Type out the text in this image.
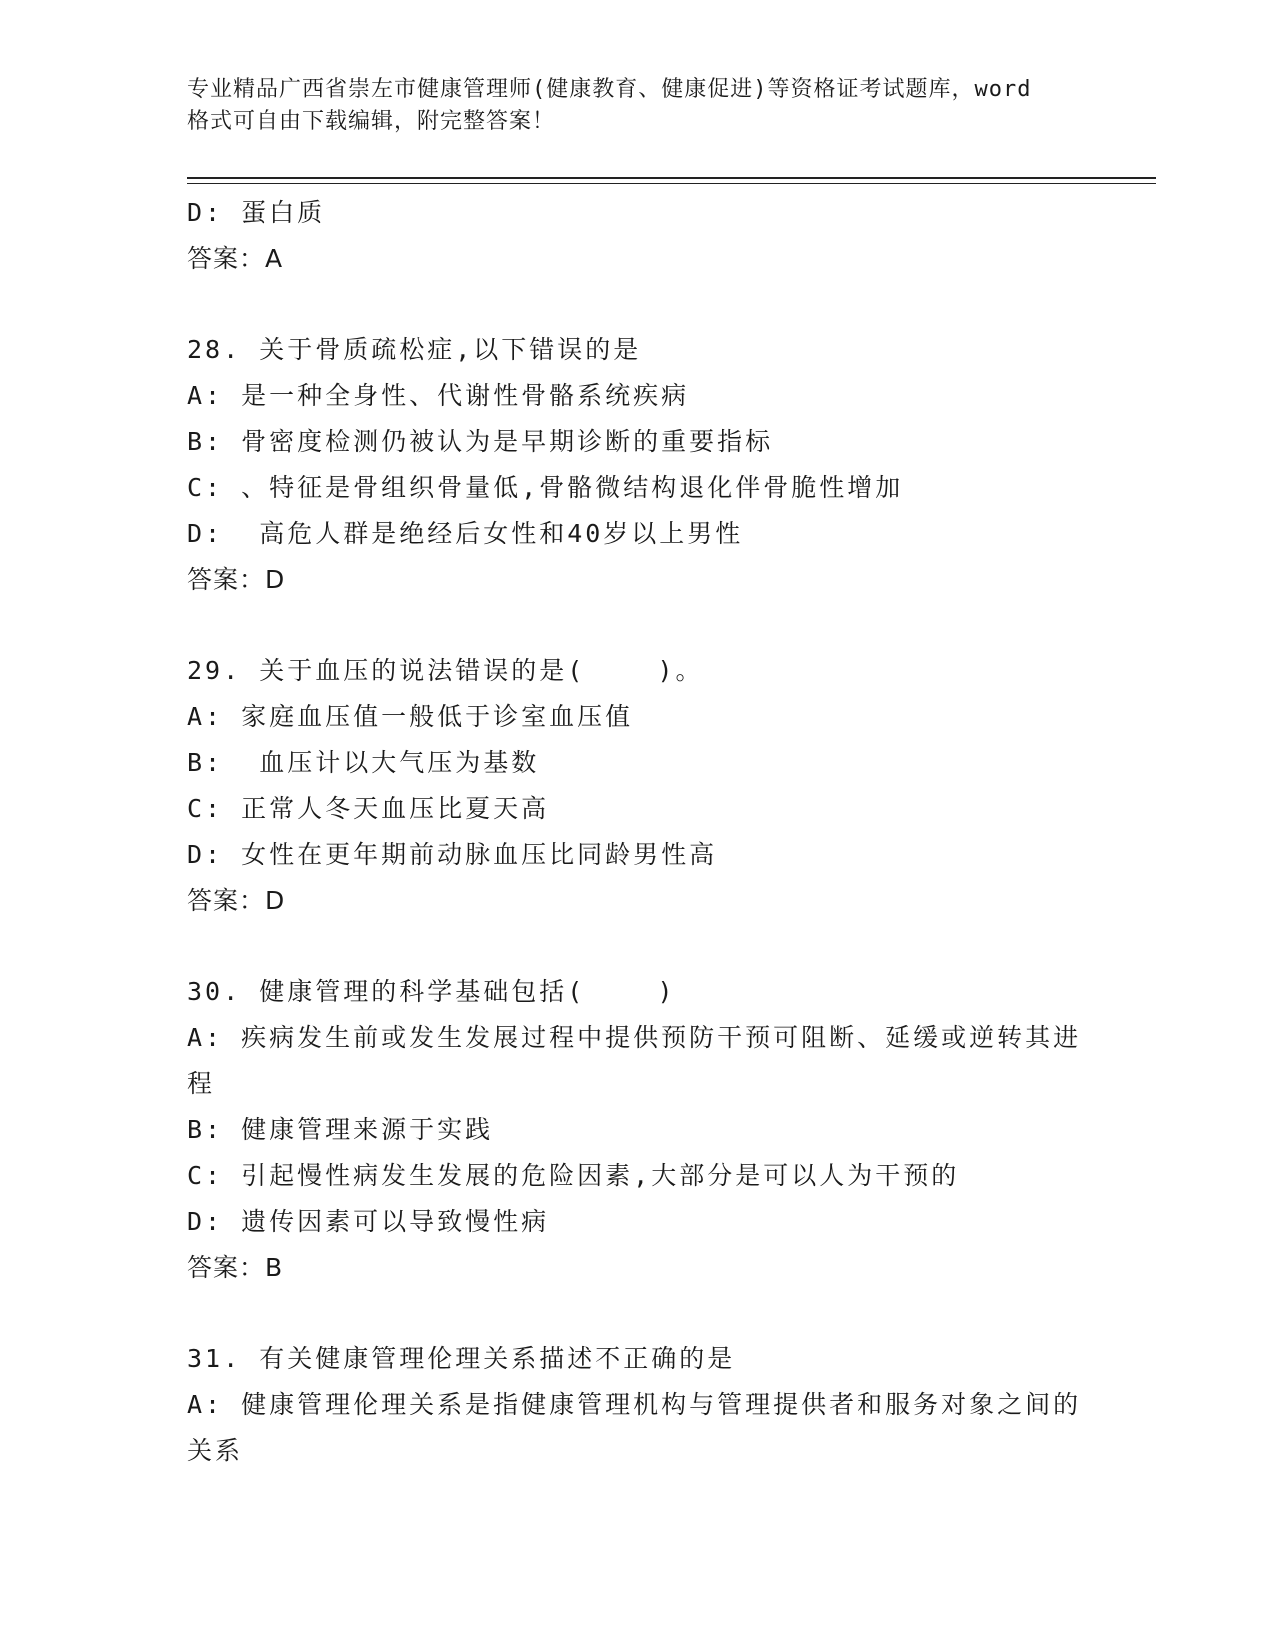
专业精品广西省崇左市健康管理师(健康教育、健康促进)等资格证考试题库，word
格式可自由下载编辑，附完整答案！
D: 蛋白质
答案：A
28. 关于骨质疏松症,以下错误的是
A: 是一种全身性、代谢性骨骼系统疾病
B: 骨密度检测仍被认为是早期诊断的重要指标
C: 、特征是骨组织骨量低,骨骼微结构退化伴骨脆性增加
D:  高危人群是绝经后女性和40岁以上男性
答案：D
29. 关于血压的说法错误的是(    )。
A: 家庭血压值一般低于诊室血压值
B:  血压计以大气压为基数
C: 正常人冬天血压比夏天高
D: 女性在更年期前动脉血压比同龄男性高
答案：D
30. 健康管理的科学基础包括(    )
A: 疾病发生前或发生发展过程中提供预防干预可阻断、延缓或逆转其进程
B: 健康管理来源于实践
C: 引起慢性病发生发展的危险因素,大部分是可以人为干预的
D: 遗传因素可以导致慢性病
答案：B
31. 有关健康管理伦理关系描述不正确的是
A: 健康管理伦理关系是指健康管理机构与管理提供者和服务对象之间的关系
